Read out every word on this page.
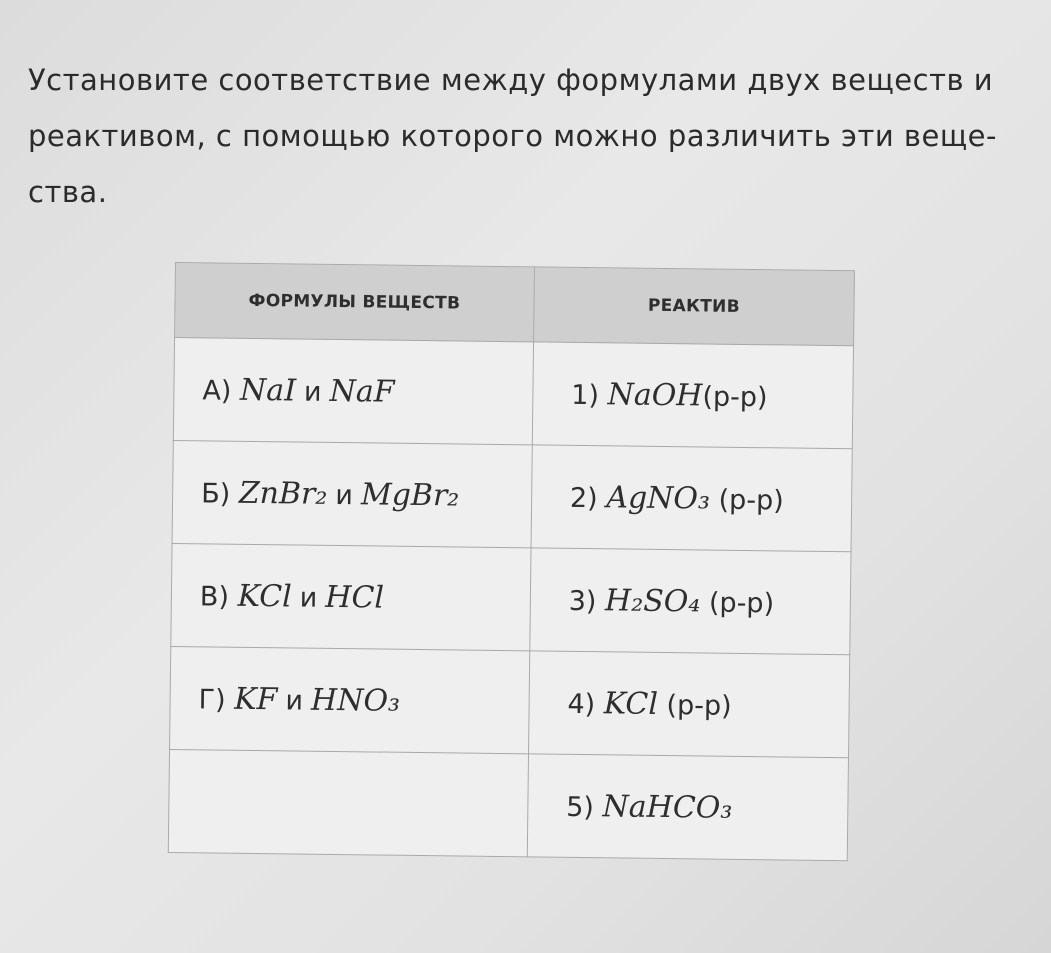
Установите соответствие между формулами двух веществ и
реактивом, с помощью которого можно различить эти веще-
ства.

ФОРМУЛЫ ВЕЩЕСТВ	РЕАКТИВ
А) NaI и NaF	1) NaOH(р-р)
Б) ZnBr₂ и MgBr₂	2) AgNO₃ (р-р)
В) KCl и HCl	3) H₂SO₄ (р-р)
Г) KF и HNO₃	4) KCl (р-р)
	5) NaHCO₃
